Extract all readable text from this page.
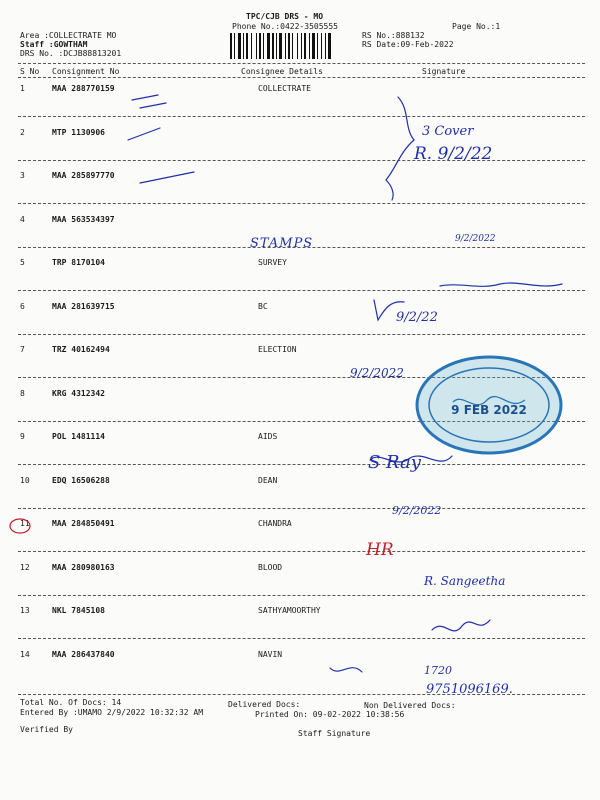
TPC/CJB DRS - MO
Phone No.:0422-3505555	Page No.:1
Area :COLLECTRATE MO
Staff :GOWTHAM
DRS No. :DCJB88813201
RS No.:888132
RS Date:09-Feb-2022
S No Consignment No	Consignee Details	Signature
1	MAA 288770159	COLLECTRATE
2	MTP 1130906
3	MAA 285897770
4	MAA 563534397
5	TRP 8170104	SURVEY
6	MAA 281639715	BC
7	TRZ 40162494	ELECTION
8	KRG 4312342
9	POL 1481114	AIDS
10	EDQ 16506288	DEAN
11	MAA 284850491	CHANDRA
12	MAA 280980163	BLOOD
13	NKL 7845108	SATHYAMOORTHY
14	MAA 286437840	NAVIN
3 Cover
R. 9/2/22
STAMPS	9/2/2022
9/2/22
9/2/2022
S Ray
9/2/2022
HR
R. Sangeetha
1720
9751096169.
9 FEB 2022
Total No. Of Docs: 14	Delivered Docs:	Non Delivered Docs:
Entered By :UMAMO 2/9/2022 10:32:32 AM	Printed On: 09-02-2022 10:38:56
Verified By	Staff Signature
